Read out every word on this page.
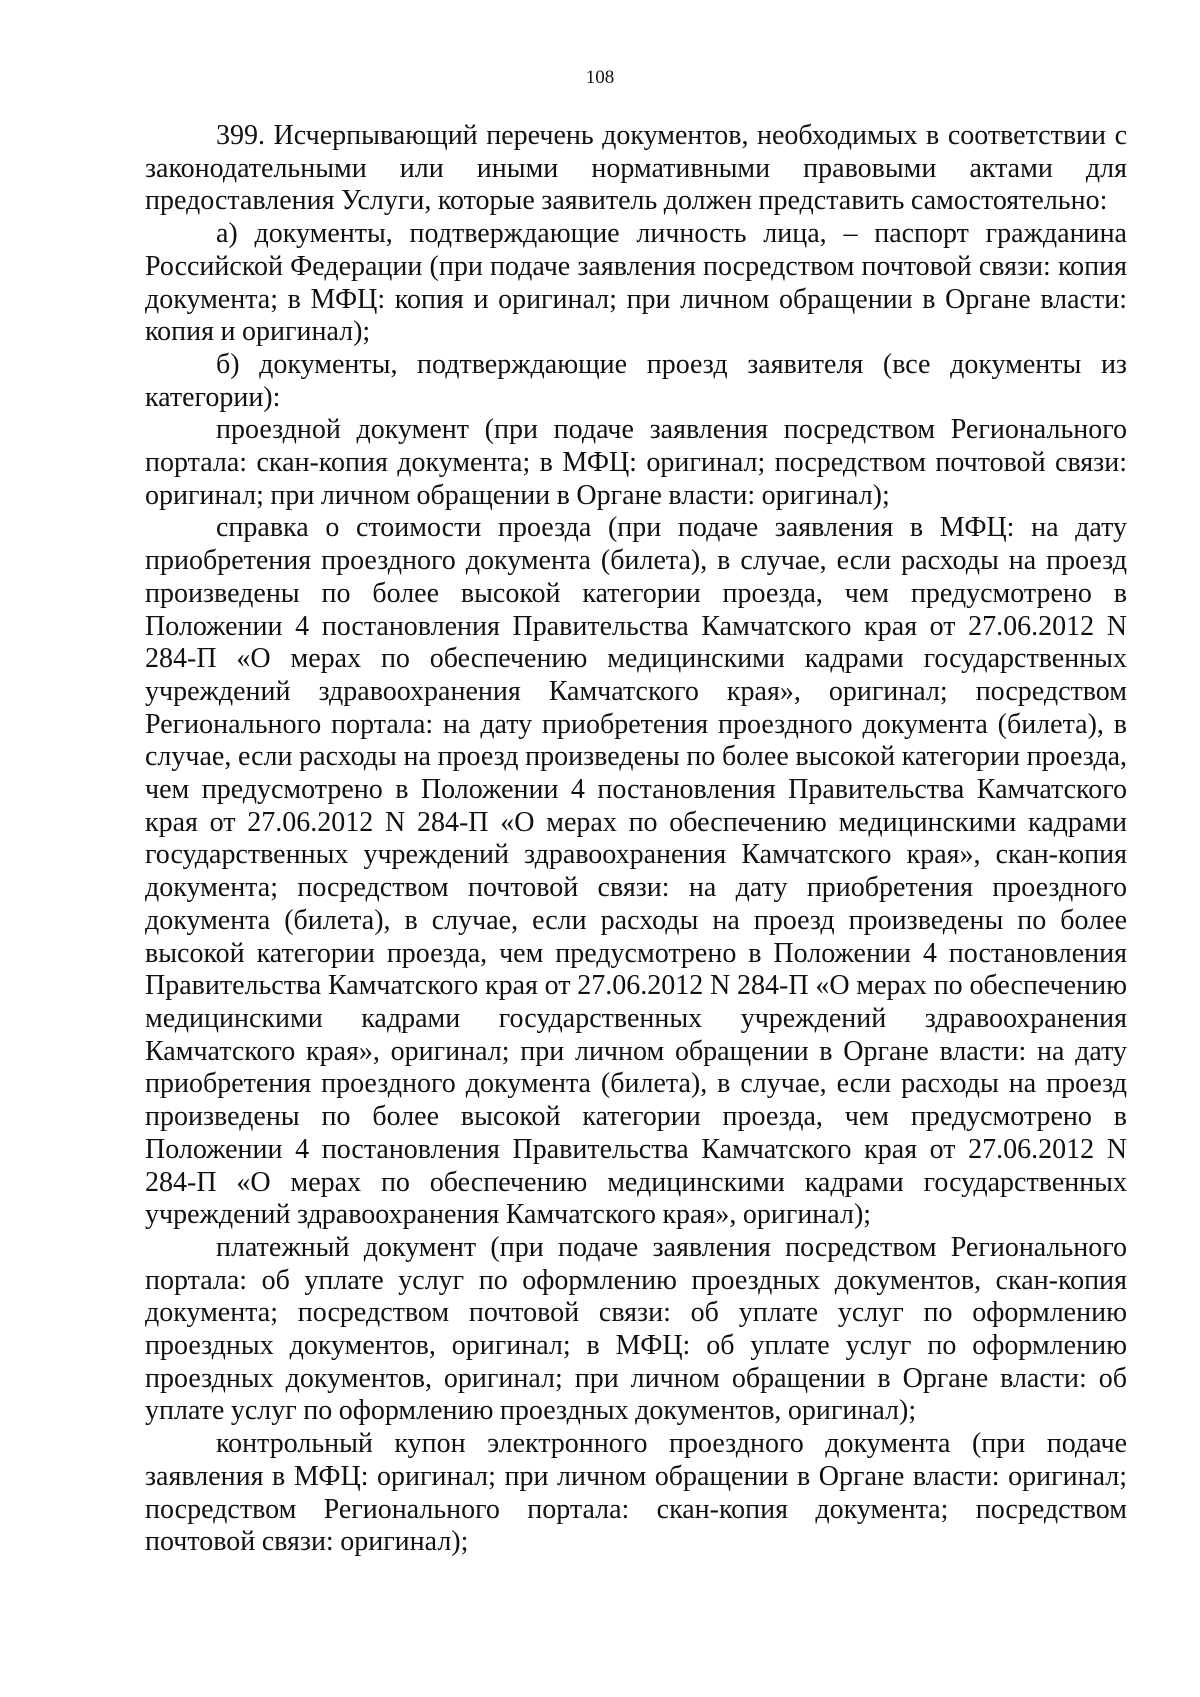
108

399. Исчерпывающий перечень документов, необходимых в соответствии с законодательными или иными нормативными правовыми актами для предоставления Услуги, которые заявитель должен представить самостоятельно:

а) документы, подтверждающие личность лица, – паспорт гражданина Российской Федерации (при подаче заявления посредством почтовой связи: копия документа; в МФЦ: копия и оригинал; при личном обращении в Органе власти: копия и оригинал);

б) документы, подтверждающие проезд заявителя (все документы из категории):

проездной документ (при подаче заявления посредством Регионального портала: скан-копия документа; в МФЦ: оригинал; посредством почтовой связи: оригинал; при личном обращении в Органе власти: оригинал);

справка о стоимости проезда (при подаче заявления в МФЦ: на дату приобретения проездного документа (билета), в случае, если расходы на проезд произведены по более высокой категории проезда, чем предусмотрено в Положении 4 постановления Правительства Камчатского края от 27.06.2012 N 284-П «О мерах по обеспечению медицинскими кадрами государственных учреждений здравоохранения Камчатского края», оригинал; посредством Регионального портала: на дату приобретения проездного документа (билета), в случае, если расходы на проезд произведены по более высокой категории проезда, чем предусмотрено в Положении 4 постановления Правительства Камчатского края от 27.06.2012 N 284-П «О мерах по обеспечению медицинскими кадрами государственных учреждений здравоохранения Камчатского края», скан-копия документа; посредством почтовой связи: на дату приобретения проездного документа (билета), в случае, если расходы на проезд произведены по более высокой категории проезда, чем предусмотрено в Положении 4 постановления Правительства Камчатского края от 27.06.2012 N 284-П «О мерах по обеспечению медицинскими кадрами государственных учреждений здравоохранения Камчатского края», оригинал; при личном обращении в Органе власти: на дату приобретения проездного документа (билета), в случае, если расходы на проезд произведены по более высокой категории проезда, чем предусмотрено в Положении 4 постановления Правительства Камчатского края от 27.06.2012 N 284-П «О мерах по обеспечению медицинскими кадрами государственных учреждений здравоохранения Камчатского края», оригинал);

платежный документ (при подаче заявления посредством Регионального портала: об уплате услуг по оформлению проездных документов, скан-копия документа; посредством почтовой связи: об уплате услуг по оформлению проездных документов, оригинал; в МФЦ: об уплате услуг по оформлению проездных документов, оригинал; при личном обращении в Органе власти: об уплате услуг по оформлению проездных документов, оригинал);

контрольный купон электронного проездного документа (при подаче заявления в МФЦ: оригинал; при личном обращении в Органе власти: оригинал; посредством Регионального портала: скан-копия документа; посредством почтовой связи: оригинал);
